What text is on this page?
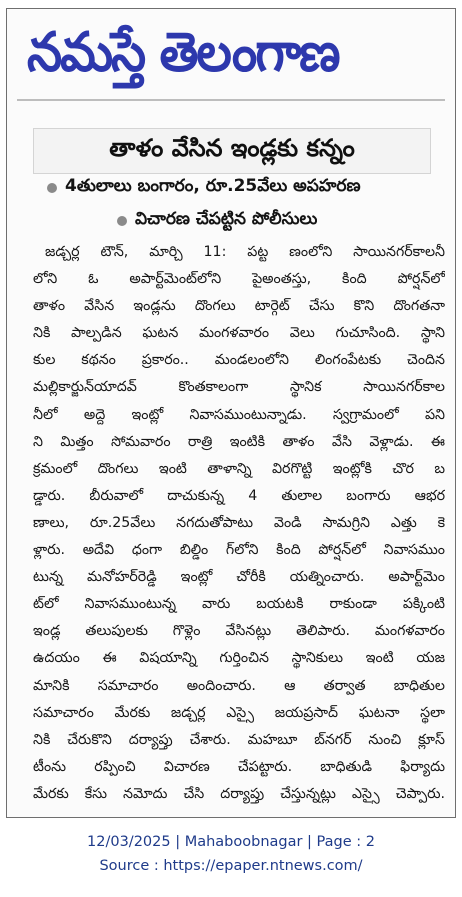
నమస్తే తెలంగాణ
తాళం వేసిన ఇండ్లకు కన్నం
4తులాలు బంగారం, రూ.25వేలు అపహరణ
విచారణ చేపట్టిన పోలీసులు
జడ్చర్ల టౌన్, మార్చి 11: పట్ట ణంలోని సాయినగర్‌కాలనీ
లోని ఓ అపార్ట్‌మెంట్‌లోని పైఅంతస్తు, కింది పోర్షన్‌లో
తాళం వేసిన ఇండ్లను దొంగలు టార్గెట్ చేసు కొని దొంగతనా
నికి పాల్పడిన ఘటన మంగళవారం వెలు గుచూసింది. స్థాని
కుల కథనం ప్రకారం.. మండలంలోని లింగంపేటకు చెందిన
మల్లికార్జున్‌యాదవ్ కొంతకాలంగా స్థానిక సాయినగర్‌కాల
నీలో అద్దె ఇంట్లో నివాసముంటున్నాడు. స్వగ్రామంలో పని
ని మిత్తం సోమవారం రాత్రి ఇంటికి తాళం వేసి వెళ్లాడు. ఈ
క్రమంలో దొంగలు ఇంటి తాళాన్ని విరగొట్టి ఇంట్లోకి చొర బ
డ్డారు. బీరువాలో దాచుకున్న 4 తులాల బంగారు ఆభర
ణాలు, రూ.25వేలు నగదుతోపాటు వెండి సామగ్రిని ఎత్తు కె
ళ్లారు. అదేవి ధంగా బిల్డిం గ్‌లోని కింది పోర్షన్‌లో నివాసముం
టున్న మనోహర్‌రెడ్డి ఇంట్లో చోరీకి యత్నించారు. అపార్ట్‌మెం
ట్‌లో నివాసముంటున్న వారు బయటకి రాకుండా పక్కింటి
ఇండ్ల తలుపులకు గొళ్లెం వేసినట్లు తెలిపారు. మంగళవారం
ఉదయం ఈ విషయాన్ని గుర్తించిన స్థానికులు ఇంటి యజ
మానికి సమాచారం అందించారు. ఆ తర్వాత బాధితుల
సమాచారం మేరకు జడ్చర్ల ఎస్సై జయప్రసాద్ ఘటనా స్థలా
నికి చేరుకొని దర్యాప్తు చేశారు. మహబూ బ్‌నగర్ నుంచి క్లూస్
టీంను రప్పించి విచారణ చేపట్టారు. బాధితుడి ఫిర్యాదు
మేరకు కేసు నమోదు చేసి దర్యాప్తు చేస్తున్నట్లు ఎస్సై చెప్పారు.
12/03/2025 | Mahaboobnagar | Page : 2
Source : https://epaper.ntnews.com/
